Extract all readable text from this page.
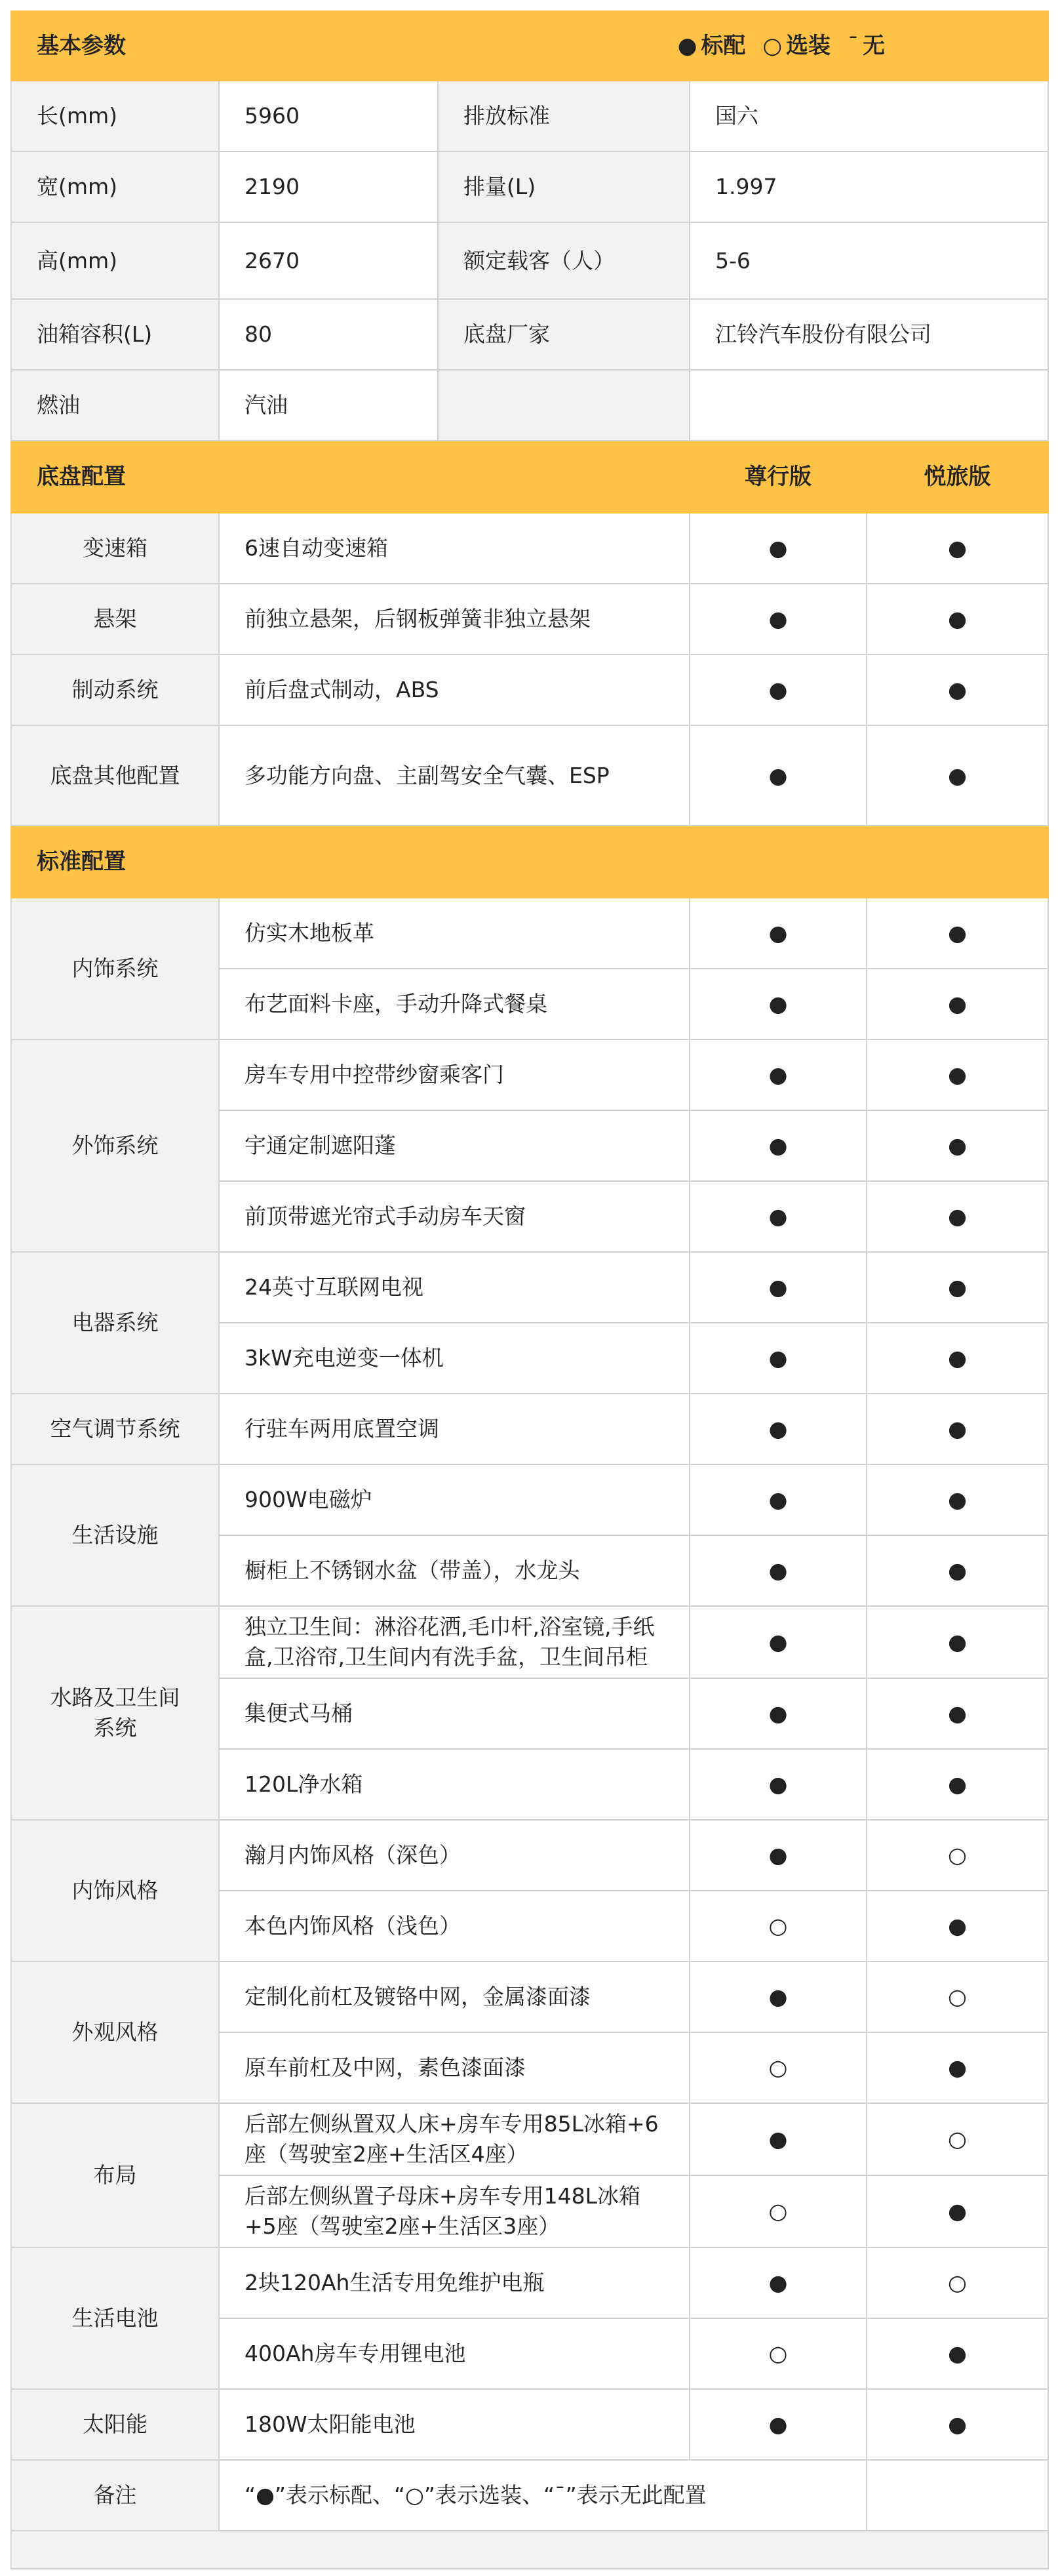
基本参数 ● 标配 ○ 选装 ¯ 无				

长(mm)	5960	排放标准	国六	
宽(mm)	2190	排量(L)	1.997	
高(mm)	2670	额定载客（人）	5-6	
油箱容积(L)	80	底盘厂家	江铃汽车股份有限公司	
燃油	汽油			
底盘配置			尊行版	悦旅版
变速箱	6速自动变速箱		●	●
悬架	前独立悬架，后钢板弹簧非独立悬架		●	●
制动系统	前后盘式制动，ABS		●	●
底盘其他配置	多功能方向盘、主副驾安全气囊、ESP		●	●
标准配置				
内饰系统	仿实木地板革		●	●
	布艺面料卡座，手动升降式餐桌		●	●
外饰系统	房车专用中控带纱窗乘客门		●	●
	宇通定制遮阳蓬		●	●
	前顶带遮光帘式手动房车天窗		●	●
电器系统	24英寸互联网电视		●	●
	3kW充电逆变一体机		●	●
空气调节系统	行驻车两用底置空调		●	●
生活设施	900W电磁炉		●	●
	橱柜上不锈钢水盆（带盖），水龙头		●	●
水路及卫生间系统	独立卫生间：淋浴花洒,毛巾杆,浴室镜,手纸盒,卫浴帘,卫生间内有洗手盆，卫生间吊柜		●	●
	集便式马桶		●	●
	120L净水箱		●	●
内饰风格	瀚月内饰风格（深色）		●	○
	本色内饰风格（浅色）		○	●
外观风格	定制化前杠及镀铬中网，金属漆面漆		●	○
	原车前杠及中网，素色漆面漆		○	●
布局	后部左侧纵置双人床+房车专用85L冰箱+6座（驾驶室2座+生活区4座）		●	○
	后部左侧纵置子母床+房车专用148L冰箱+5座（驾驶室2座+生活区3座）		○	●
生活电池	2块120Ah生活专用免维护电瓶		●	○
	400Ah房车专用锂电池		○	●
太阳能	180W太阳能电池		●	●
备注	“●”表示标配、“○”表示选装、“¯”表示无此配置			
